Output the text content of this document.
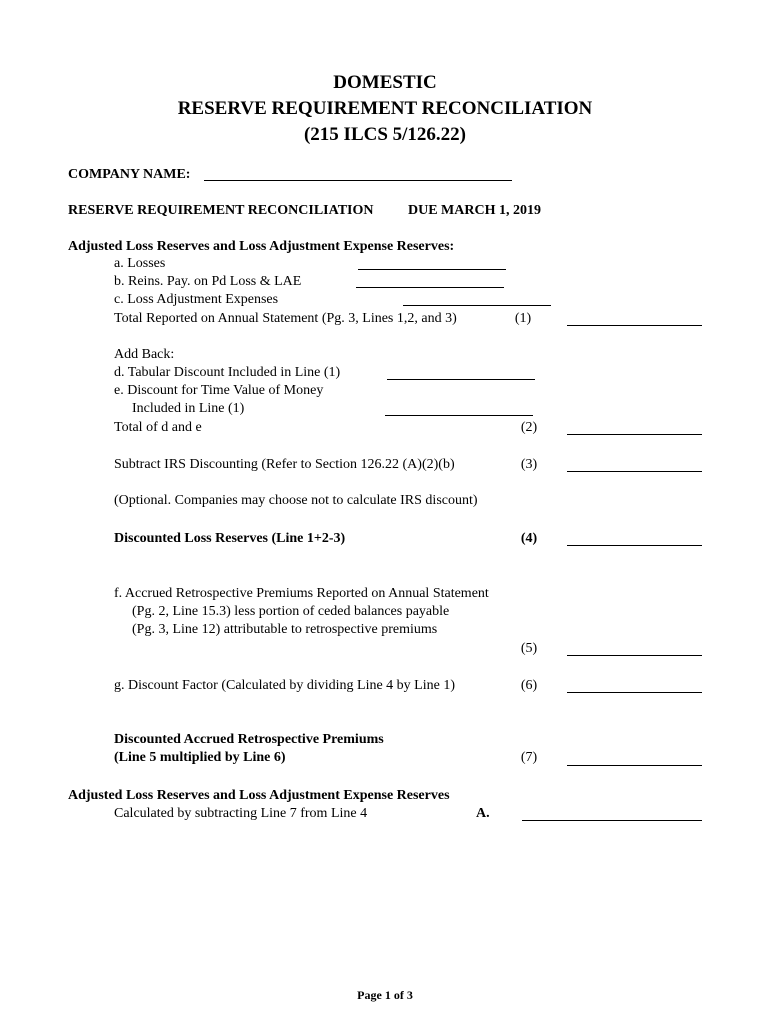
DOMESTIC
RESERVE REQUIREMENT RECONCILIATION
(215 ILCS 5/126.22)
COMPANY NAME:
RESERVE REQUIREMENT RECONCILIATION DUE MARCH 1, 2019
Adjusted Loss Reserves and Loss Adjustment Expense Reserves:
a. Losses
b. Reins. Pay. on Pd Loss & LAE
c. Loss Adjustment Expenses
Total Reported on Annual Statement (Pg. 3, Lines 1,2, and 3)	(1)
Add Back:
d. Tabular Discount Included in Line (1)
e. Discount for Time Value of Money
Included in Line (1)
Total of d and e	(2)
Subtract IRS Discounting (Refer to Section 126.22 (A)(2)(b)	(3)
(Optional. Companies may choose not to calculate IRS discount)
Discounted Loss Reserves (Line 1+2-3)	(4)
f. Accrued Retrospective Premiums Reported on Annual Statement
(Pg. 2, Line 15.3) less portion of ceded balances payable
(Pg. 3, Line 12) attributable to retrospective premiums
(5)
g. Discount Factor (Calculated by dividing Line 4 by Line 1)	(6)
Discounted Accrued Retrospective Premiums
(Line 5 multiplied by Line 6)	(7)
Adjusted Loss Reserves and Loss Adjustment Expense Reserves
Calculated by subtracting Line 7 from Line 4	A.
Page 1 of 3
